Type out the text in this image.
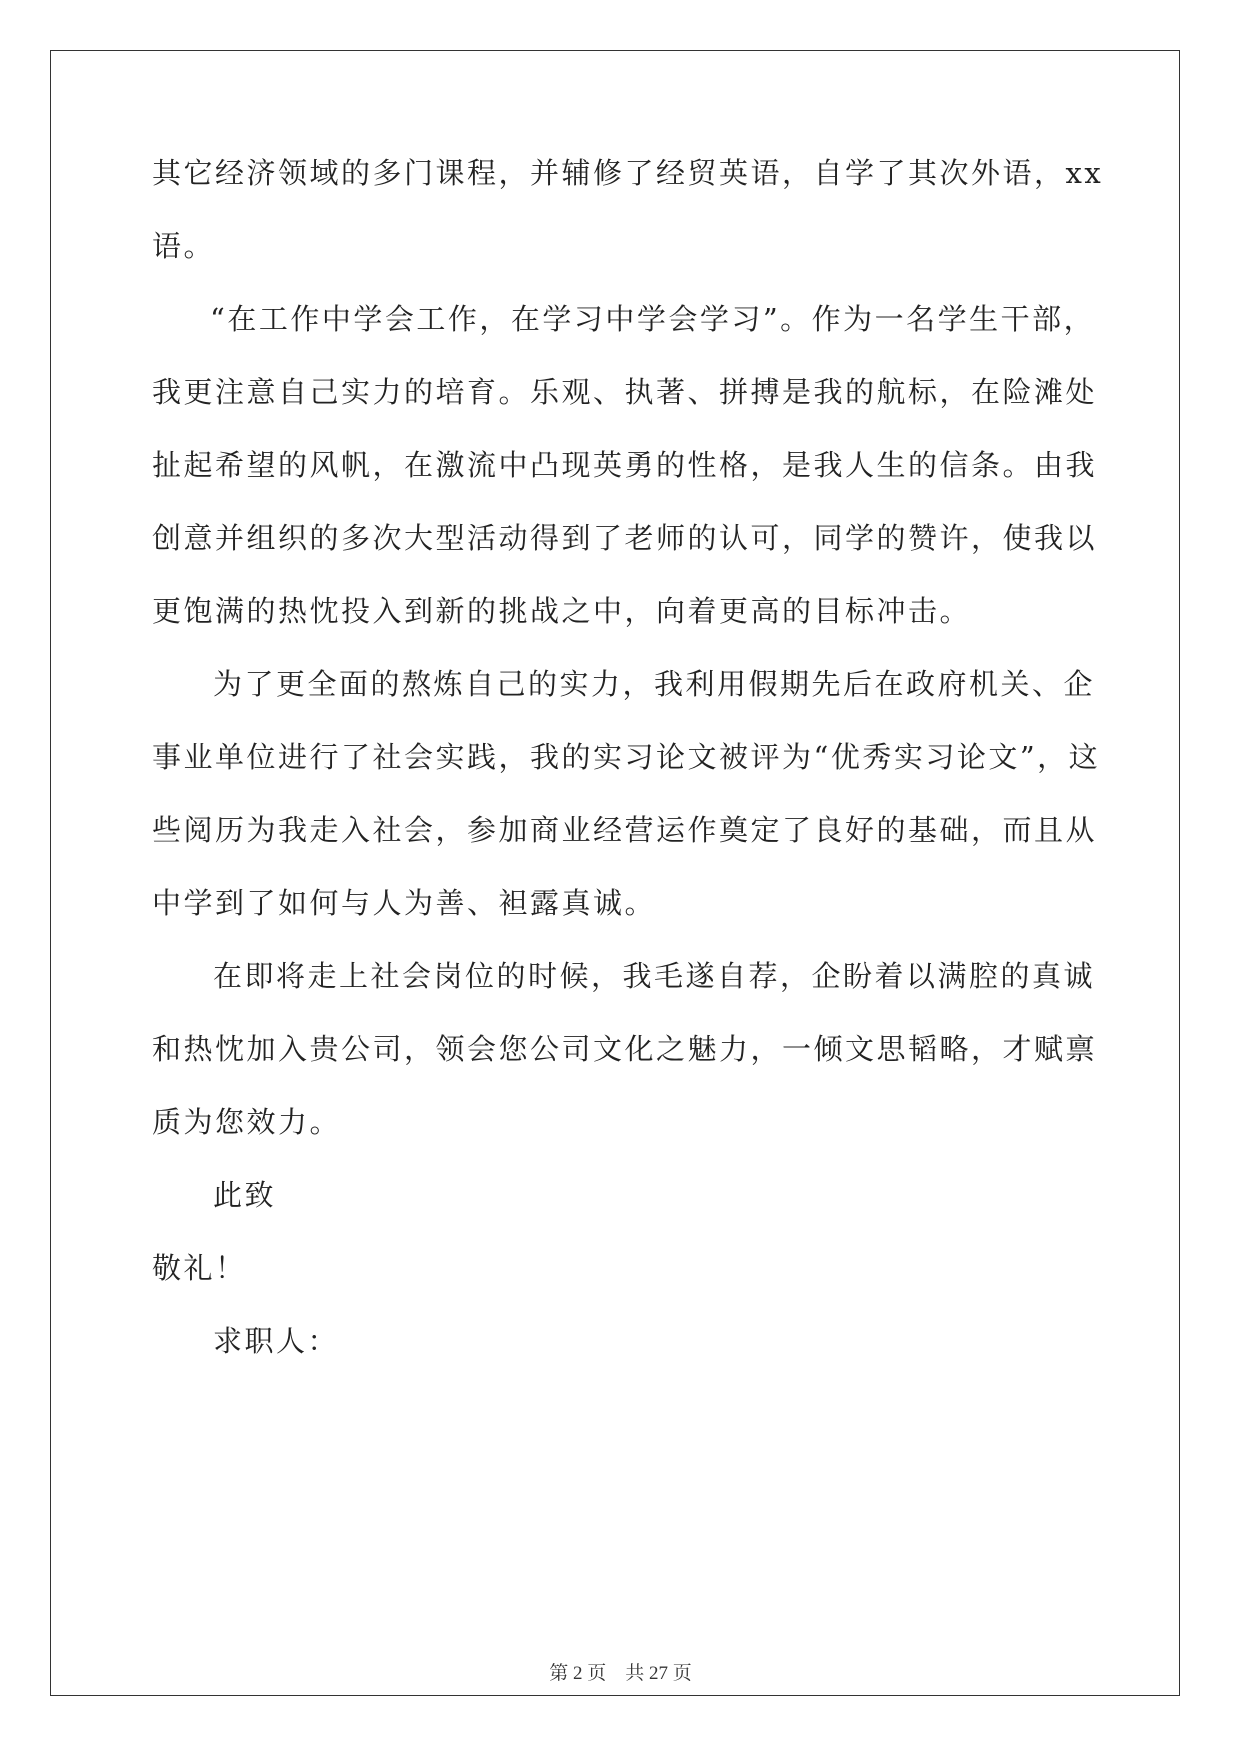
其它经济领域的多门课程，并辅修了经贸英语，自学了其次外语，xx
语。
“在工作中学会工作，在学习中学会学习”。作为一名学生干部，
我更注意自己实力的培育。乐观、执著、拼搏是我的航标，在险滩处
扯起希望的风帆，在激流中凸现英勇的性格，是我人生的信条。由我
创意并组织的多次大型活动得到了老师的认可，同学的赞许，使我以
更饱满的热忱投入到新的挑战之中，向着更高的目标冲击。
为了更全面的熬炼自己的实力，我利用假期先后在政府机关、企
事业单位进行了社会实践，我的实习论文被评为“优秀实习论文”，这
些阅历为我走入社会，参加商业经营运作奠定了良好的基础，而且从
中学到了如何与人为善、袒露真诚。
在即将走上社会岗位的时候，我毛遂自荐，企盼着以满腔的真诚
和热忱加入贵公司，领会您公司文化之魅力，一倾文思韬略，才赋禀
质为您效力。
此致
敬礼！
求职人：
第 2 页　共 27 页
